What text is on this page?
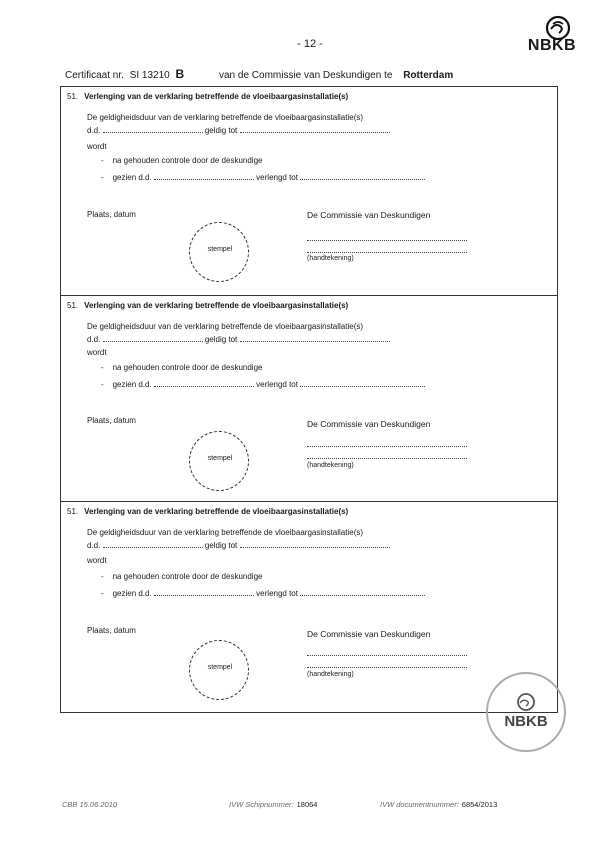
- 12 -	NBKB
Certificaat nr. SI 13210 B	van de Commissie van Deskundigen te Rotterdam
51. Verlenging van de verklaring betreffende de vloeibaargasinstallatie(s)
De geldigheidsduur van de verklaring betreffende de vloeibaargasinstallatie(s)
d.d.	geldig tot
wordt
-    na gehouden controle door de deskundige
-    gezien d.d.	verlengd tot
Plaats, datum	De Commissie van Deskundigen
stempel
(handtekening)
51. Verlenging van de verklaring betreffende de vloeibaargasinstallatie(s)
De geldigheidsduur van de verklaring betreffende de vloeibaargasinstallatie(s)
d.d.	geldig tot
wordt
-    na gehouden controle door de deskundige
-    gezien d.d.	verlengd tot
Plaats, datum	De Commissie van Deskundigen
stempel
(handtekening)
51. Verlenging van de verklaring betreffende de vloeibaargasinstallatie(s)
De geldigheidsduur van de verklaring betreffende de vloeibaargasinstallatie(s)
d.d.	geldig tot
wordt
-    na gehouden controle door de deskundige
-    gezien d.d.	verlengd tot
Plaats, datum	De Commissie van Deskundigen
stempel
(handtekening)
NBKB
CBB 15.06.2010	IVW Schipnummer: 18064	IVW documentnummer: 6854/2013
